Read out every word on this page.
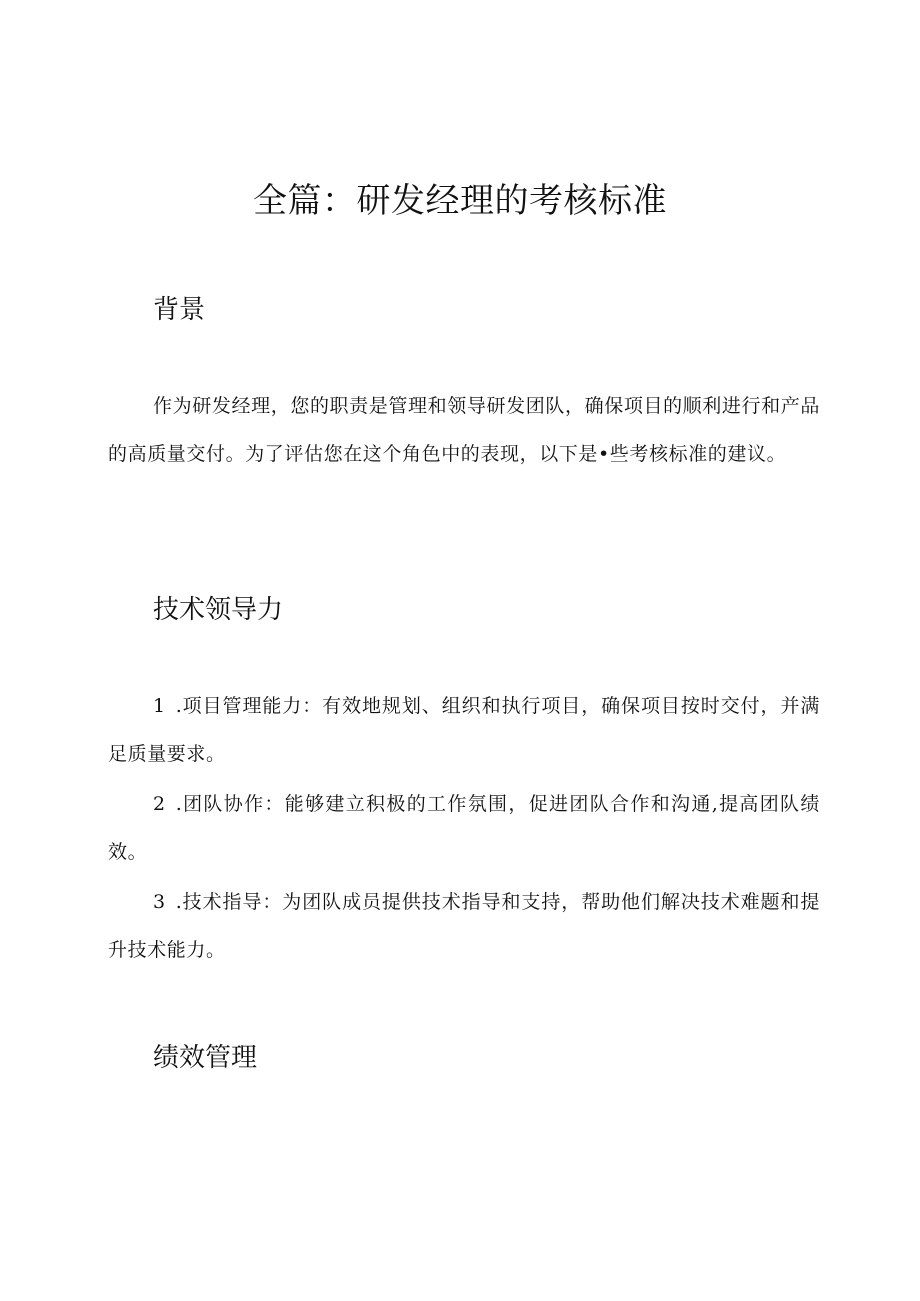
全篇：研发经理的考核标准
背景

作为研发经理，您的职责是管理和领导研发团队，确保项目的顺利进行和产品的高质量交付。为了评估您在这个角色中的表现，以下是•些考核标准的建议。

技术领导力

1 .项目管理能力：有效地规划、组织和执行项目，确保项目按时交付，并满足质量要求。

2 .团队协作：能够建立积极的工作氛围，促进团队合作和沟通,提高团队绩效。

3 .技术指导：为团队成员提供技术指导和支持，帮助他们解决技术难题和提升技术能力。

绩效管理
